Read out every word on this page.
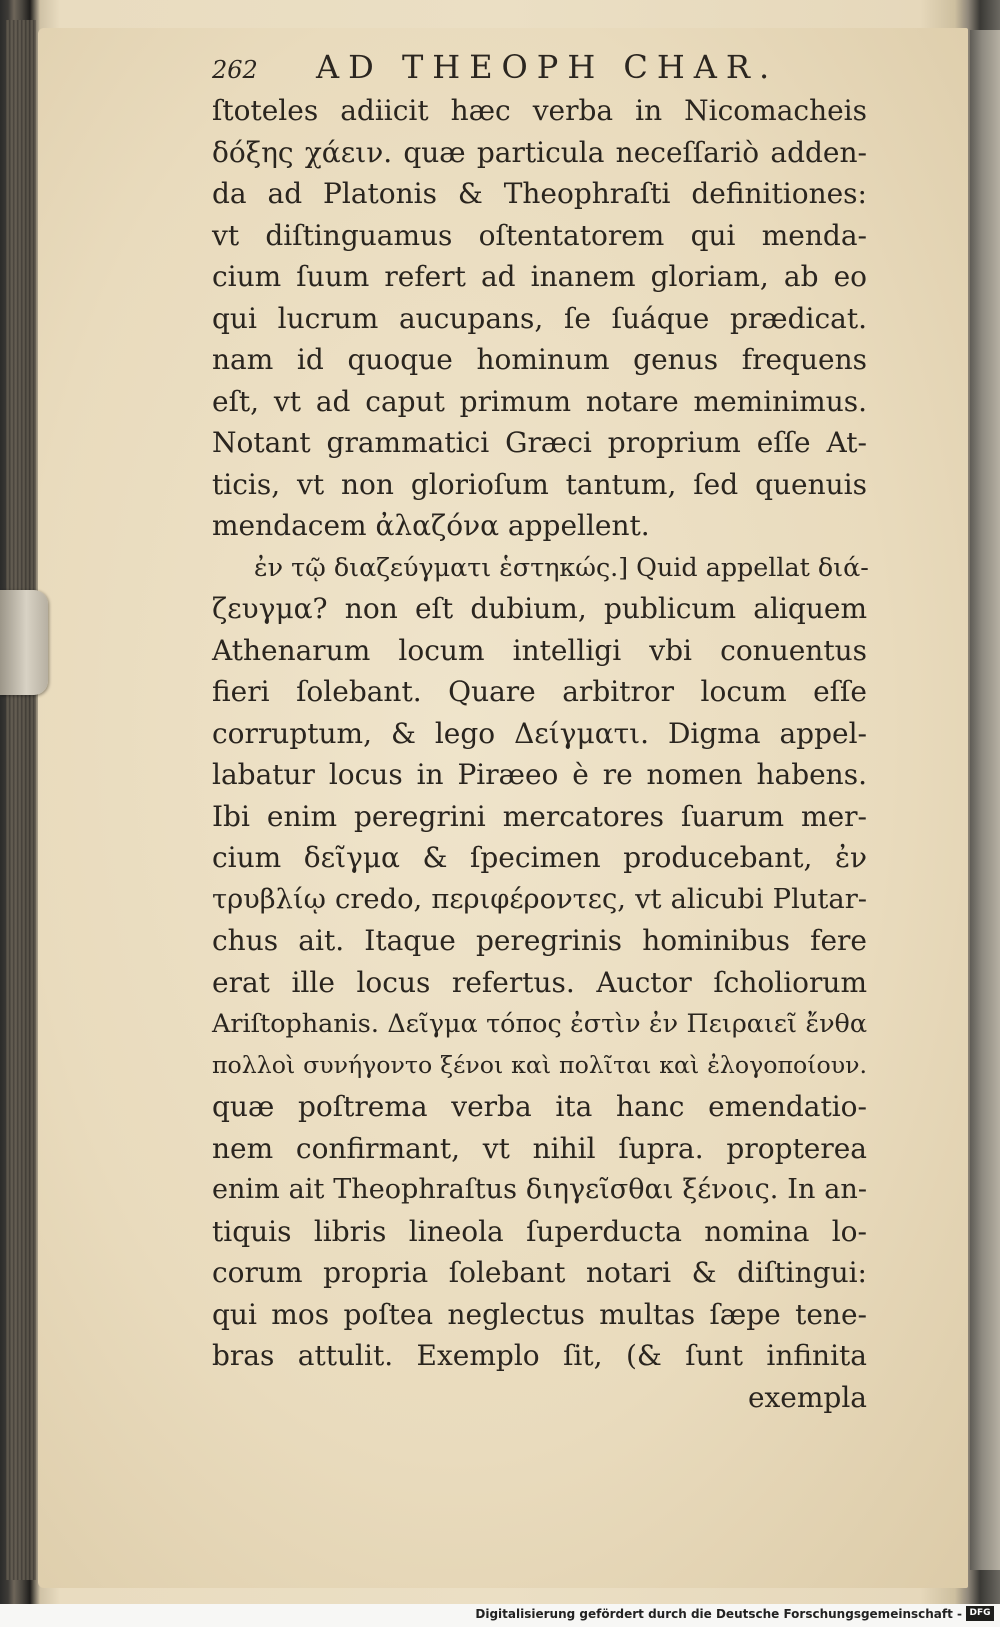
262 AD THEOPH CHAR.
ſtoteles adiicit hæc verba in Nicomacheis
δόξης χάειν. quæ particula neceſſariò adden-
da ad Platonis & Theophraſti definitiones:
vt diſtinguamus oſtentatorem qui menda-
cium ſuum refert ad inanem gloriam, ab eo
qui lucrum aucupans, ſe ſuáque prædicat.
nam id quoque hominum genus frequens
eſt, vt ad caput primum notare meminimus.
Notant grammatici Græci proprium eſſe At-
ticis, vt non glorioſum tantum, ſed quenuis
mendacem ἀλαζόνα appellent.
ἐν τῷ διαζεύγματι ἑστηκώς.] Quid appellat διά-
ζευγμα? non eſt dubium, publicum aliquem
Athenarum locum intelligi vbi conuentus
fieri ſolebant. Quare arbitror locum eſſe
corruptum, & lego Δείγματι. Digma appel-
labatur locus in Piræeo è re nomen habens.
Ibi enim peregrini mercatores ſuarum mer-
cium δεῖγμα & ſpecimen producebant, ἐν
τρυβλίῳ credo, περιφέροντες, vt alicubi Plutar-
chus ait. Itaque peregrinis hominibus fere
erat ille locus refertus. Auctor ſcholiorum
Ariſtophanis. Δεῖγμα τόπος ἐστὶν ἐν Πειραιεῖ ἔνθα
πολλοὶ συνήγοντο ξένοι καὶ πολῖται καὶ ἐλογοποίουν.
quæ poſtrema verba ita hanc emendatio-
nem confirmant, vt nihil ſupra. propterea
enim ait Theophraſtus διηγεῖσθαι ξένοις. In an-
tiquis libris lineola ſuperducta nomina lo-
corum propria ſolebant notari & diſtingui:
qui mos poſtea neglectus multas ſæpe tene-
bras attulit. Exemplo ſit, (& ſunt infinita
exempla
Digitalisierung gefördert durch die Deutsche Forschungsgemeinschaft - DFG
